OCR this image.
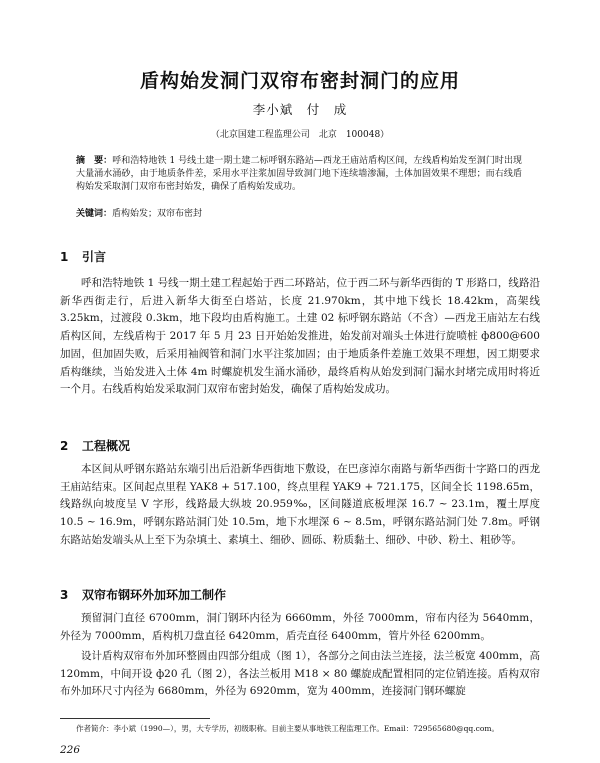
盾构始发洞门双帘布密封洞门的应用
李小斌　付　成
（北京国建工程监理公司　北京　100048）

摘　要：呼和浩特地铁 1 号线土建一期土建二标呼钢东路站—西龙王庙站盾构区间，左线盾构始发至洞门时出现大量涌水涌砂，由于地质条件差，采用水平注浆加固导致洞门地下连续墙渗漏，土体加固效果不理想；而右线盾构始发采取洞门双帘布密封始发，确保了盾构始发成功。

关键词：盾构始发；双帘布密封

1 引言

呼和浩特地铁 1 号线一期土建工程起始于西二环路站，位于西二环与新华西街的 T 形路口，线路沿新华西街走行，后进入新华大街至白塔站，长度 21.970km，其中地下线长 18.42km，高架线 3.25km，过渡段 0.3km，地下段均由盾构施工。土建 02 标呼钢东路站（不含）—西龙王庙站左右线盾构区间，左线盾构于 2017 年 5 月 23 日开始始发推进，始发前对端头土体进行旋喷桩 ф800@600 加固，但加固失败，后采用袖阀管和洞门水平注浆加固；由于地质条件差施工效果不理想，因工期要求盾构继续，当始发进入土体 4m 时螺旋机发生涌水涌砂，最终盾构从始发到洞门漏水封堵完成用时将近一个月。右线盾构始发采取洞门双帘布密封始发，确保了盾构始发成功。

2 工程概况

本区间从呼钢东路站东端引出后沿新华西街地下敷设，在巴彦淖尔南路与新华西街十字路口的西龙王庙站结束。区间起点里程 YAK8 + 517.100，终点里程 YAK9 + 721.175，区间全长 1198.65m，线路纵向坡度呈 V 字形，线路最大纵坡 20.959‰，区间隧道底板埋深 16.7 ~ 23.1m，覆土厚度 10.5 ~ 16.9m，呼钢东路站洞门处 10.5m，地下水埋深 6 ~ 8.5m，呼钢东路站洞门处 7.8m。呼钢东路站始发端头从上至下为杂填土、素填土、细砂、圆砾、粉质黏土、细砂、中砂、粉土、粗砂等。

3 双帘布钢环外加环加工制作

预留洞门直径 6700mm，洞门钢环内径为 6660mm，外径 7000mm，帘布内径为 5640mm，外径为 7000mm，盾构机刀盘直径 6420mm，盾壳直径 6400mm，管片外径 6200mm。

设计盾构双帘布外加环整圆由四部分组成（图 1），各部分之间由法兰连接，法兰板宽 400mm，高 120mm，中间开设 ф20 孔（图 2），各法兰板用 M18 × 80 螺旋成配置相同的定位销连接。盾构双帘布外加环尺寸内径为 6680mm，外径为 6920mm，宽为 400mm，连接洞门钢环螺旋

作者简介：李小斌（1990—），男，大专学历，初级职称。目前主要从事地铁工程监理工作。Email：729565680@qq.com。

226
